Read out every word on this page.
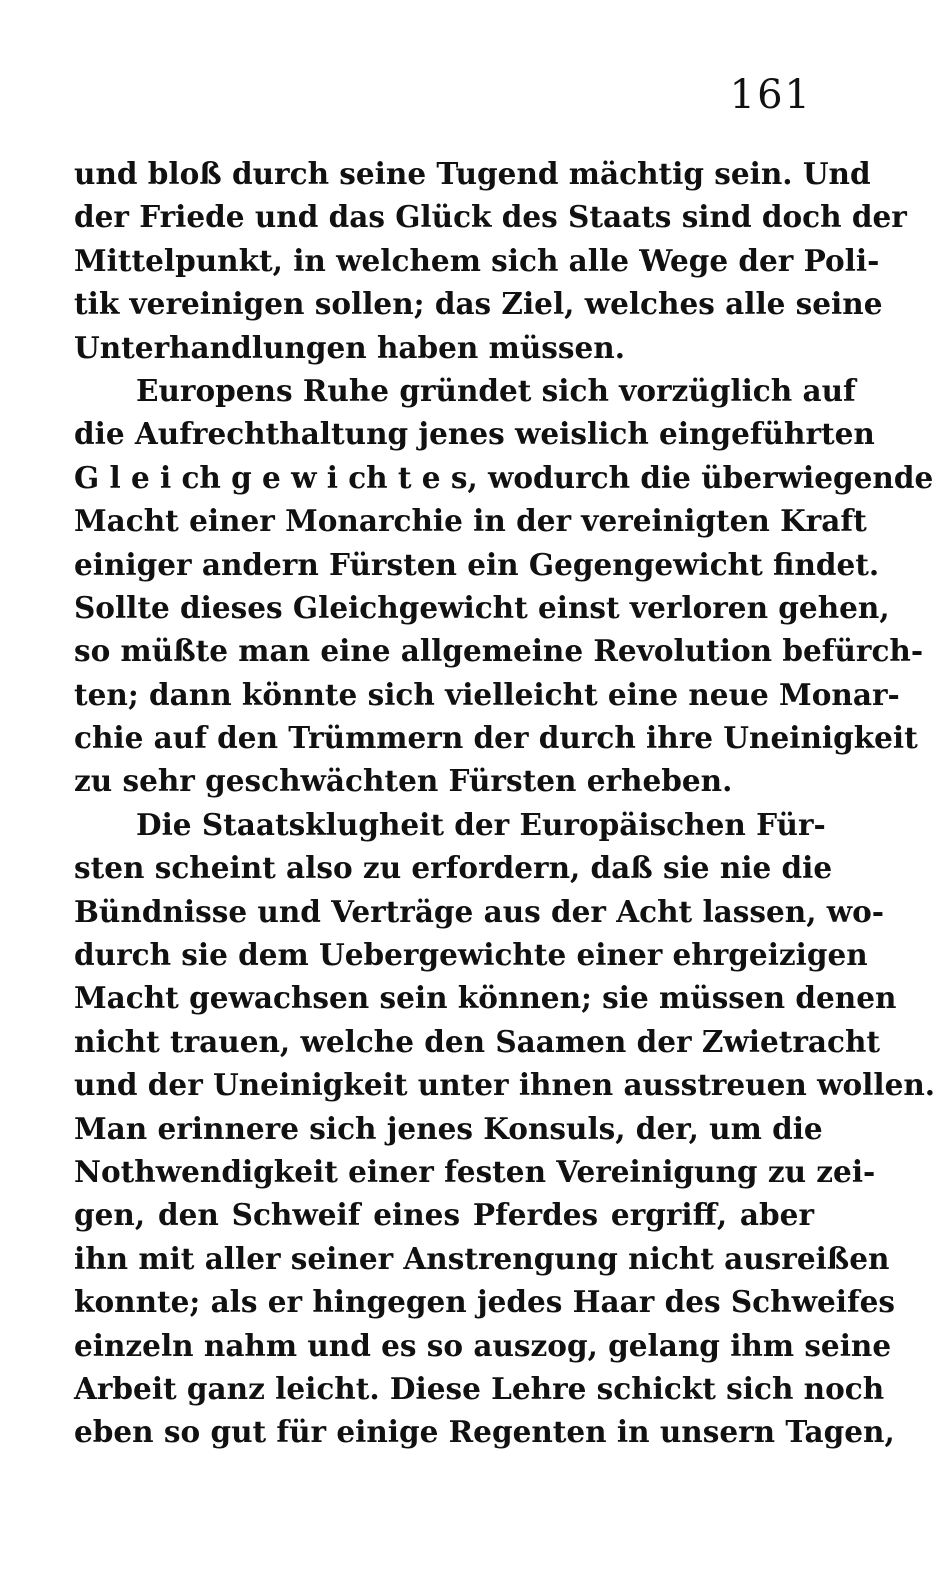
161
und bloß durch seine Tugend mächtig sein. Und
der Friede und das Glück des Staats sind doch der
Mittelpunkt, in welchem sich alle Wege der Poli-
tik vereinigen sollen; das Ziel, welches alle seine
Unterhandlungen haben müssen.
Europens Ruhe gründet sich vorzüglich auf
die Aufrechthaltung jenes weislich eingeführten
G l e i ch g e w i ch t e s, wodurch die überwiegende
Macht einer Monarchie in der vereinigten Kraft
einiger andern Fürsten ein Gegengewicht findet.
Sollte dieses Gleichgewicht einst verloren gehen,
so müßte man eine allgemeine Revolution befürch-
ten; dann könnte sich vielleicht eine neue Monar-
chie auf den Trümmern der durch ihre Uneinigkeit
zu sehr geschwächten Fürsten erheben.
Die Staatsklugheit der Europäischen Für-
sten scheint also zu erfordern, daß sie nie die
Bündnisse und Verträge aus der Acht lassen, wo-
durch sie dem Uebergewichte einer ehrgeizigen
Macht gewachsen sein können; sie müssen denen
nicht trauen, welche den Saamen der Zwietracht
und der Uneinigkeit unter ihnen ausstreuen wollen.
Man erinnere sich jenes Konsuls, der, um die
Nothwendigkeit einer festen Vereinigung zu zei-
gen, den Schweif eines Pferdes ergriff, aber
ihn mit aller seiner Anstrengung nicht ausreißen
konnte; als er hingegen jedes Haar des Schweifes
einzeln nahm und es so auszog, gelang ihm seine
Arbeit ganz leicht. Diese Lehre schickt sich noch
eben so gut für einige Regenten in unsern Tagen,
